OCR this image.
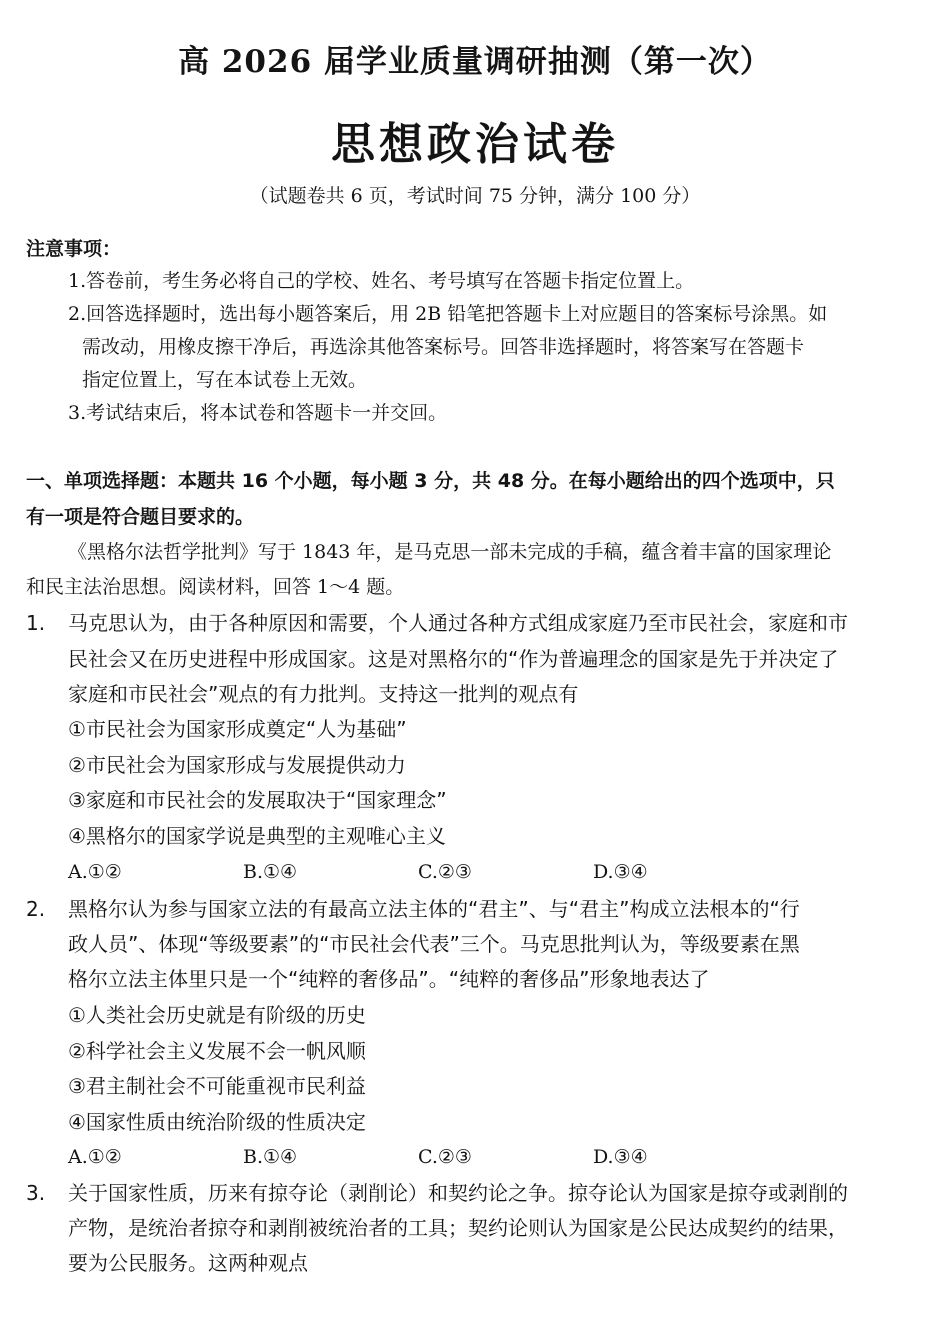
高 2026 届学业质量调研抽测（第一次）
思想政治试卷
（试题卷共 6 页，考试时间 75 分钟，满分 100 分）
注意事项：
1.答卷前，考生务必将自己的学校、姓名、考号填写在答题卡指定位置上。
2.回答选择题时，选出每小题答案后，用 2B 铅笔把答题卡上对应题目的答案标号涂黑。如
需改动，用橡皮擦干净后，再选涂其他答案标号。回答非选择题时，将答案写在答题卡
指定位置上，写在本试卷上无效。
3.考试结束后，将本试卷和答题卡一并交回。
一、单项选择题：本题共 16 个小题，每小题 3 分，共 48 分。在每小题给出的四个选项中，只
有一项是符合题目要求的。
《黑格尔法哲学批判》写于 1843 年，是马克思一部未完成的手稿，蕴含着丰富的国家理论
和民主法治思想。阅读材料，回答 1～4 题。
1. 马克思认为，由于各种原因和需要，个人通过各种方式组成家庭乃至市民社会，家庭和市
民社会又在历史进程中形成国家。这是对黑格尔的“作为普遍理念的国家是先于并决定了
家庭和市民社会”观点的有力批判。支持这一批判的观点有
①市民社会为国家形成奠定“人为基础”
②市民社会为国家形成与发展提供动力
③家庭和市民社会的发展取决于“国家理念”
④黑格尔的国家学说是典型的主观唯心主义
A.①②	B.①④	C.②③	D.③④
2. 黑格尔认为参与国家立法的有最高立法主体的“君主”、与“君主”构成立法根本的“行
政人员”、体现“等级要素”的“市民社会代表”三个。马克思批判认为，等级要素在黑
格尔立法主体里只是一个“纯粹的奢侈品”。“纯粹的奢侈品”形象地表达了
①人类社会历史就是有阶级的历史
②科学社会主义发展不会一帆风顺
③君主制社会不可能重视市民利益
④国家性质由统治阶级的性质决定
A.①②	B.①④	C.②③	D.③④
3. 关于国家性质，历来有掠夺论（剥削论）和契约论之争。掠夺论认为国家是掠夺或剥削的
产物，是统治者掠夺和剥削被统治者的工具；契约论则认为国家是公民达成契约的结果，
要为公民服务。这两种观点
